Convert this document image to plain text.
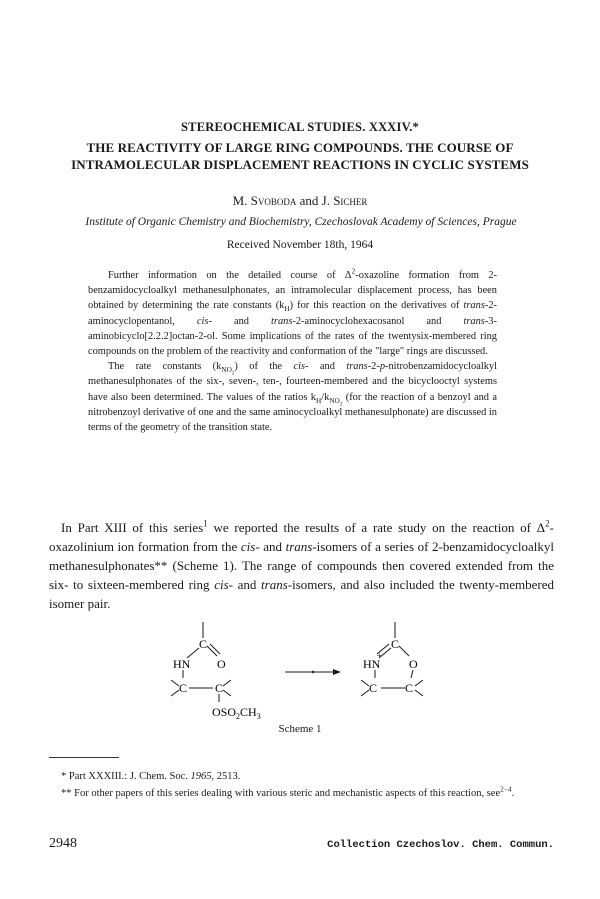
STEREOCHEMICAL STUDIES. XXXIV.*
THE REACTIVITY OF LARGE RING COMPOUNDS. THE COURSE OF
INTRAMOLECULAR DISPLACEMENT REACTIONS IN CYCLIC SYSTEMS
M. Svoboda and J. Sicher
Institute of Organic Chemistry and Biochemistry, Czechoslovak Academy of Sciences, Prague
Received November 18th, 1964

Further information on the detailed course of $\Delta^2$-oxazoline formation from 2-benzamidocycloalkyl methanesulphonates, an intramolecular displacement process, has been obtained by determining the rate constants $(k_H)$ for this reaction on the derivatives of trans-2-aminocyclopentanol, cis- and trans-2-aminocyclohexacosanol and trans-3-aminobicyclo[2.2.2]octan-2-ol. Some implications of the rates of the twentysix-membered ring compounds on the problem of the reactivity and conformation of the "large" rings are discussed.

The rate constants $(k_{NO_2})$ of the cis- and trans-2-p-nitrobenzamidocycloalkyl methanesulphonates of the six-, seven-, ten-, fourteen-membered and the bicyclooctyl systems have also been determined. The values of the ratios $k_H/k_{NO_2}$ (for the reaction of a benzoyl and a nitrobenzoyl derivative of one and the same aminocycloalkyl methanesulphonate) are discussed in terms of the geometry of the transition state.

In Part XIII of this series$^1$ we reported the results of a rate study on the reaction of $\Delta^2$-oxazolinium ion formation from the cis- and trans-isomers of a series of 2-benzamidocycloalkyl methanesulphonates** (Scheme 1). The range of compounds then covered extended from the six- to sixteen-membered ring cis- and trans-isomers, and also included the twenty-membered isomer pair.

C
HN O
C C
$OSO_2CH_3$
C
HN
+
O
C C
Scheme 1

* Part XXXIII.: J. Chem. Soc. 1965, 2513.

** For other papers of this series dealing with various steric and mechanistic aspects of this reaction, see$^{2-4}$.

2948	Collection Czechoslov. Chem. Commun.
